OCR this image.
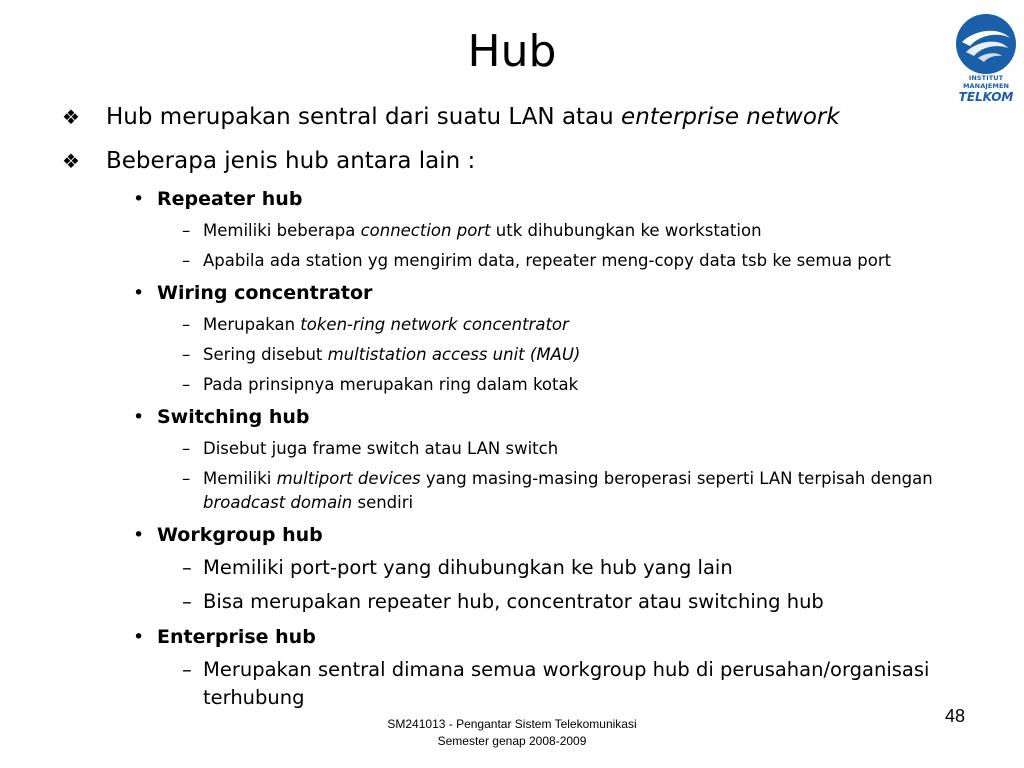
Hub
INSTITUT MANAJEMEN
TELKOM
❖	Hub merupakan sentral dari suatu LAN atau enterprise network
❖	Beberapa jenis hub antara lain :
• Repeater hub
– Memiliki beberapa connection port utk dihubungkan ke workstation
– Apabila ada station yg mengirim data, repeater meng-copy data tsb ke semua port
• Wiring concentrator
– Merupakan token-ring network concentrator
– Sering disebut multistation access unit (MAU)
– Pada prinsipnya merupakan ring dalam kotak
• Switching hub
– Disebut juga frame switch atau LAN switch
– Memiliki multiport devices yang masing-masing beroperasi seperti LAN terpisah dengan
broadcast domain sendiri
• Workgroup hub
– Memiliki port-port yang dihubungkan ke hub yang lain
– Bisa merupakan repeater hub, concentrator atau switching hub
• Enterprise hub
– Merupakan sentral dimana semua workgroup hub di perusahan/organisasi
terhubung
SM241013 - Pengantar Sistem Telekomunikasi
Semester genap 2008-2009
48
